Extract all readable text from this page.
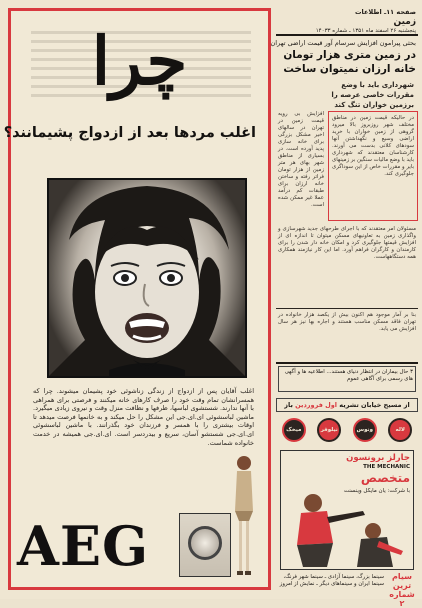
چرا
اغلب مردها بعد از ازدواج پشیمانند؟
اغلب آقایان پس از ازدواج از زندگی زناشوئی خود پشیمان میشوند. چرا که همسرانشان تمام وقت خود را صرف کارهای خانه میکنند و فرصتی برای همراهی با آنها ندارند. شستشوی لباسها، ظرفها و نظافت منزل وقت و نیروی زیادی میگیرد. ماشین لباسشوئی ای.ای.جی این مشکل را حل میکند و به خانمها فرصت میدهد تا اوقات بیشتری را با همسر و فرزندان خود بگذرانند. با ماشین لباسشوئی ای.ای.جی شستشو آسان، سریع و بیدردسر است. ای.ای.جی همیشه در خدمت خانواده شماست.
AEG
صفحه ۱۱ـ اطلاعات
زمین
پنجشنبه ۲۶ اسفند ماه ۱۳۵۱ ـ شماره ۱۴۰۳۳
بحثی پیرامون افزایش سرسام آور قیمت اراضی تهران
در زمین متری هزار تومان خانه ارزان نمیتوان ساخت
شهرداری باید با وضع مقررات خاصی عرصه را برزمین خواران تنگ کند
افزایش بی رویه قیمت زمین در تهران در سالهای اخیر مشکل بزرگی برای خانه سازی پدید آورده است. در بسیاری از مناطق شهر بهای هر متر زمین از هزار تومان فراتر رفته و ساختن خانه ارزان برای طبقات کم درآمد عملا غیر ممکن شده است.
در حالیکه قیمت زمین در مناطق مختلف شهر روزبروز بالا میرود گروهی از زمین خواران با خرید اراضی وسیع و نگهداشتن آنها سودهای کلانی بدست می آورند. کارشناسان معتقدند که شهرداری باید با وضع مالیات سنگین بر زمینهای بایر و مقررات خاص از این سوداگری جلوگیری کند.
مسئولان امر معتقدند که با اجرای طرحهای جدید شهرسازی و واگذاری زمین به تعاونیهای مسکن میتوان تا اندازه ای از افزایش قیمتها جلوگیری کرد و امکان خانه دار شدن را برای کارمندان و کارگران فراهم آورد. اما این کار نیازمند همکاری همه دستگاههاست.
بنا بر آمار موجود هم اکنون بیش از یکصد هزار خانواده در تهران فاقد مسکن مناسب هستند و اجاره بها نیز هر سال افزایش می یابد.
۳ حال بیماران در انتظار دنیای هستند... اطلاعیه ها و آگهی های رسمی برای آگاهی عموم
از مسیح خیابان تشریه اول فروردین باز
میخک	نیلوفر	ونوس	لاله
جارلز برونسون
THE MECHANIC
متخصص
با شرکت: یان مایکل وینسنت
سینما بزرگ، سینما آزادی ـ سینما شهر فرنگ، سینما ایران و سینماهای دیگر ـ نمایش از امروز
سیام ترین شماره ۲
